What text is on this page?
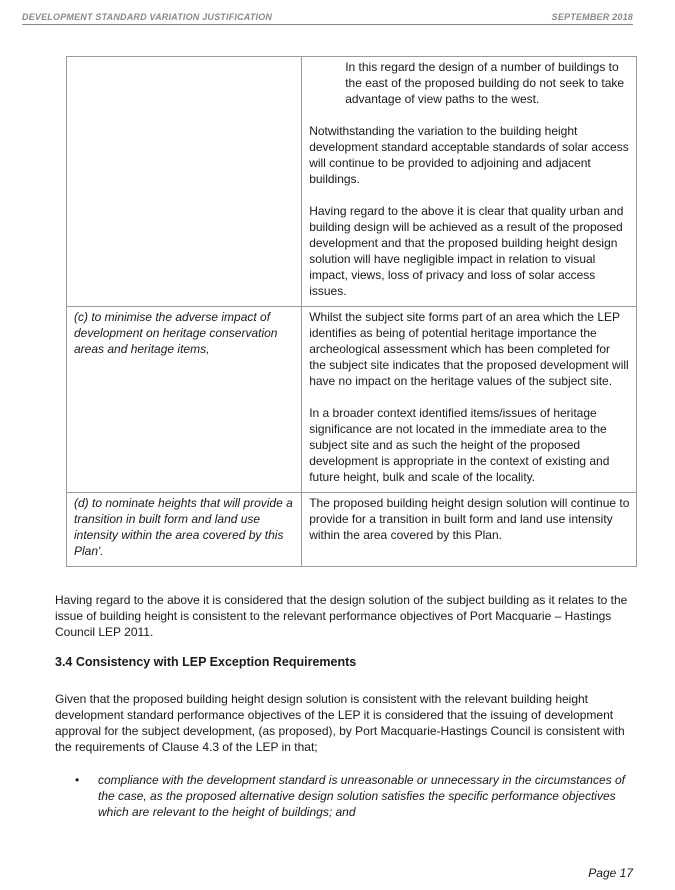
DEVELOPMENT STANDARD VARIATION JUSTIFICATION	SEPTEMBER 2018

	In this regard the design of a number of buildings to the east of the proposed building do not seek to take advantage of view paths to the west.

Notwithstanding the variation to the building height development standard acceptable standards of solar access will continue to be provided to adjoining and adjacent buildings.

Having regard to the above it is clear that quality urban and building design will be achieved as a result of the proposed development and that the proposed building height design solution will have negligible impact in relation to visual impact, views, loss of privacy and loss of solar access issues.

(c) to minimise the adverse impact of development on heritage conservation areas and heritage items,	Whilst the subject site forms part of an area which the LEP identifies as being of potential heritage importance the archeological assessment which has been completed for the subject site indicates that the proposed development will have no impact on the heritage values of the subject site.

In a broader context identified items/issues of heritage significance are not located in the immediate area to the subject site and as such the height of the proposed development is appropriate in the context of existing and future height, bulk and scale of the locality.

(d) to nominate heights that will provide a transition in built form and land use intensity within the area covered by this Plan'.	The proposed building height design solution will continue to provide for a transition in built form and land use intensity within the area covered by this Plan.

Having regard to the above it is considered that the design solution of the subject building as it relates to the issue of building height is consistent to the relevant performance objectives of Port Macquarie – Hastings Council LEP 2011.

3.4 Consistency with LEP Exception Requirements

Given that the proposed building height design solution is consistent with the relevant building height development standard performance objectives of the LEP it is considered that the issuing of development approval for the subject development, (as proposed), by Port Macquarie-Hastings Council is consistent with the requirements of Clause 4.3 of the LEP in that;

• compliance with the development standard is unreasonable or unnecessary in the circumstances of the case, as the proposed alternative design solution satisfies the specific performance objectives which are relevant to the height of buildings; and
Page 17
